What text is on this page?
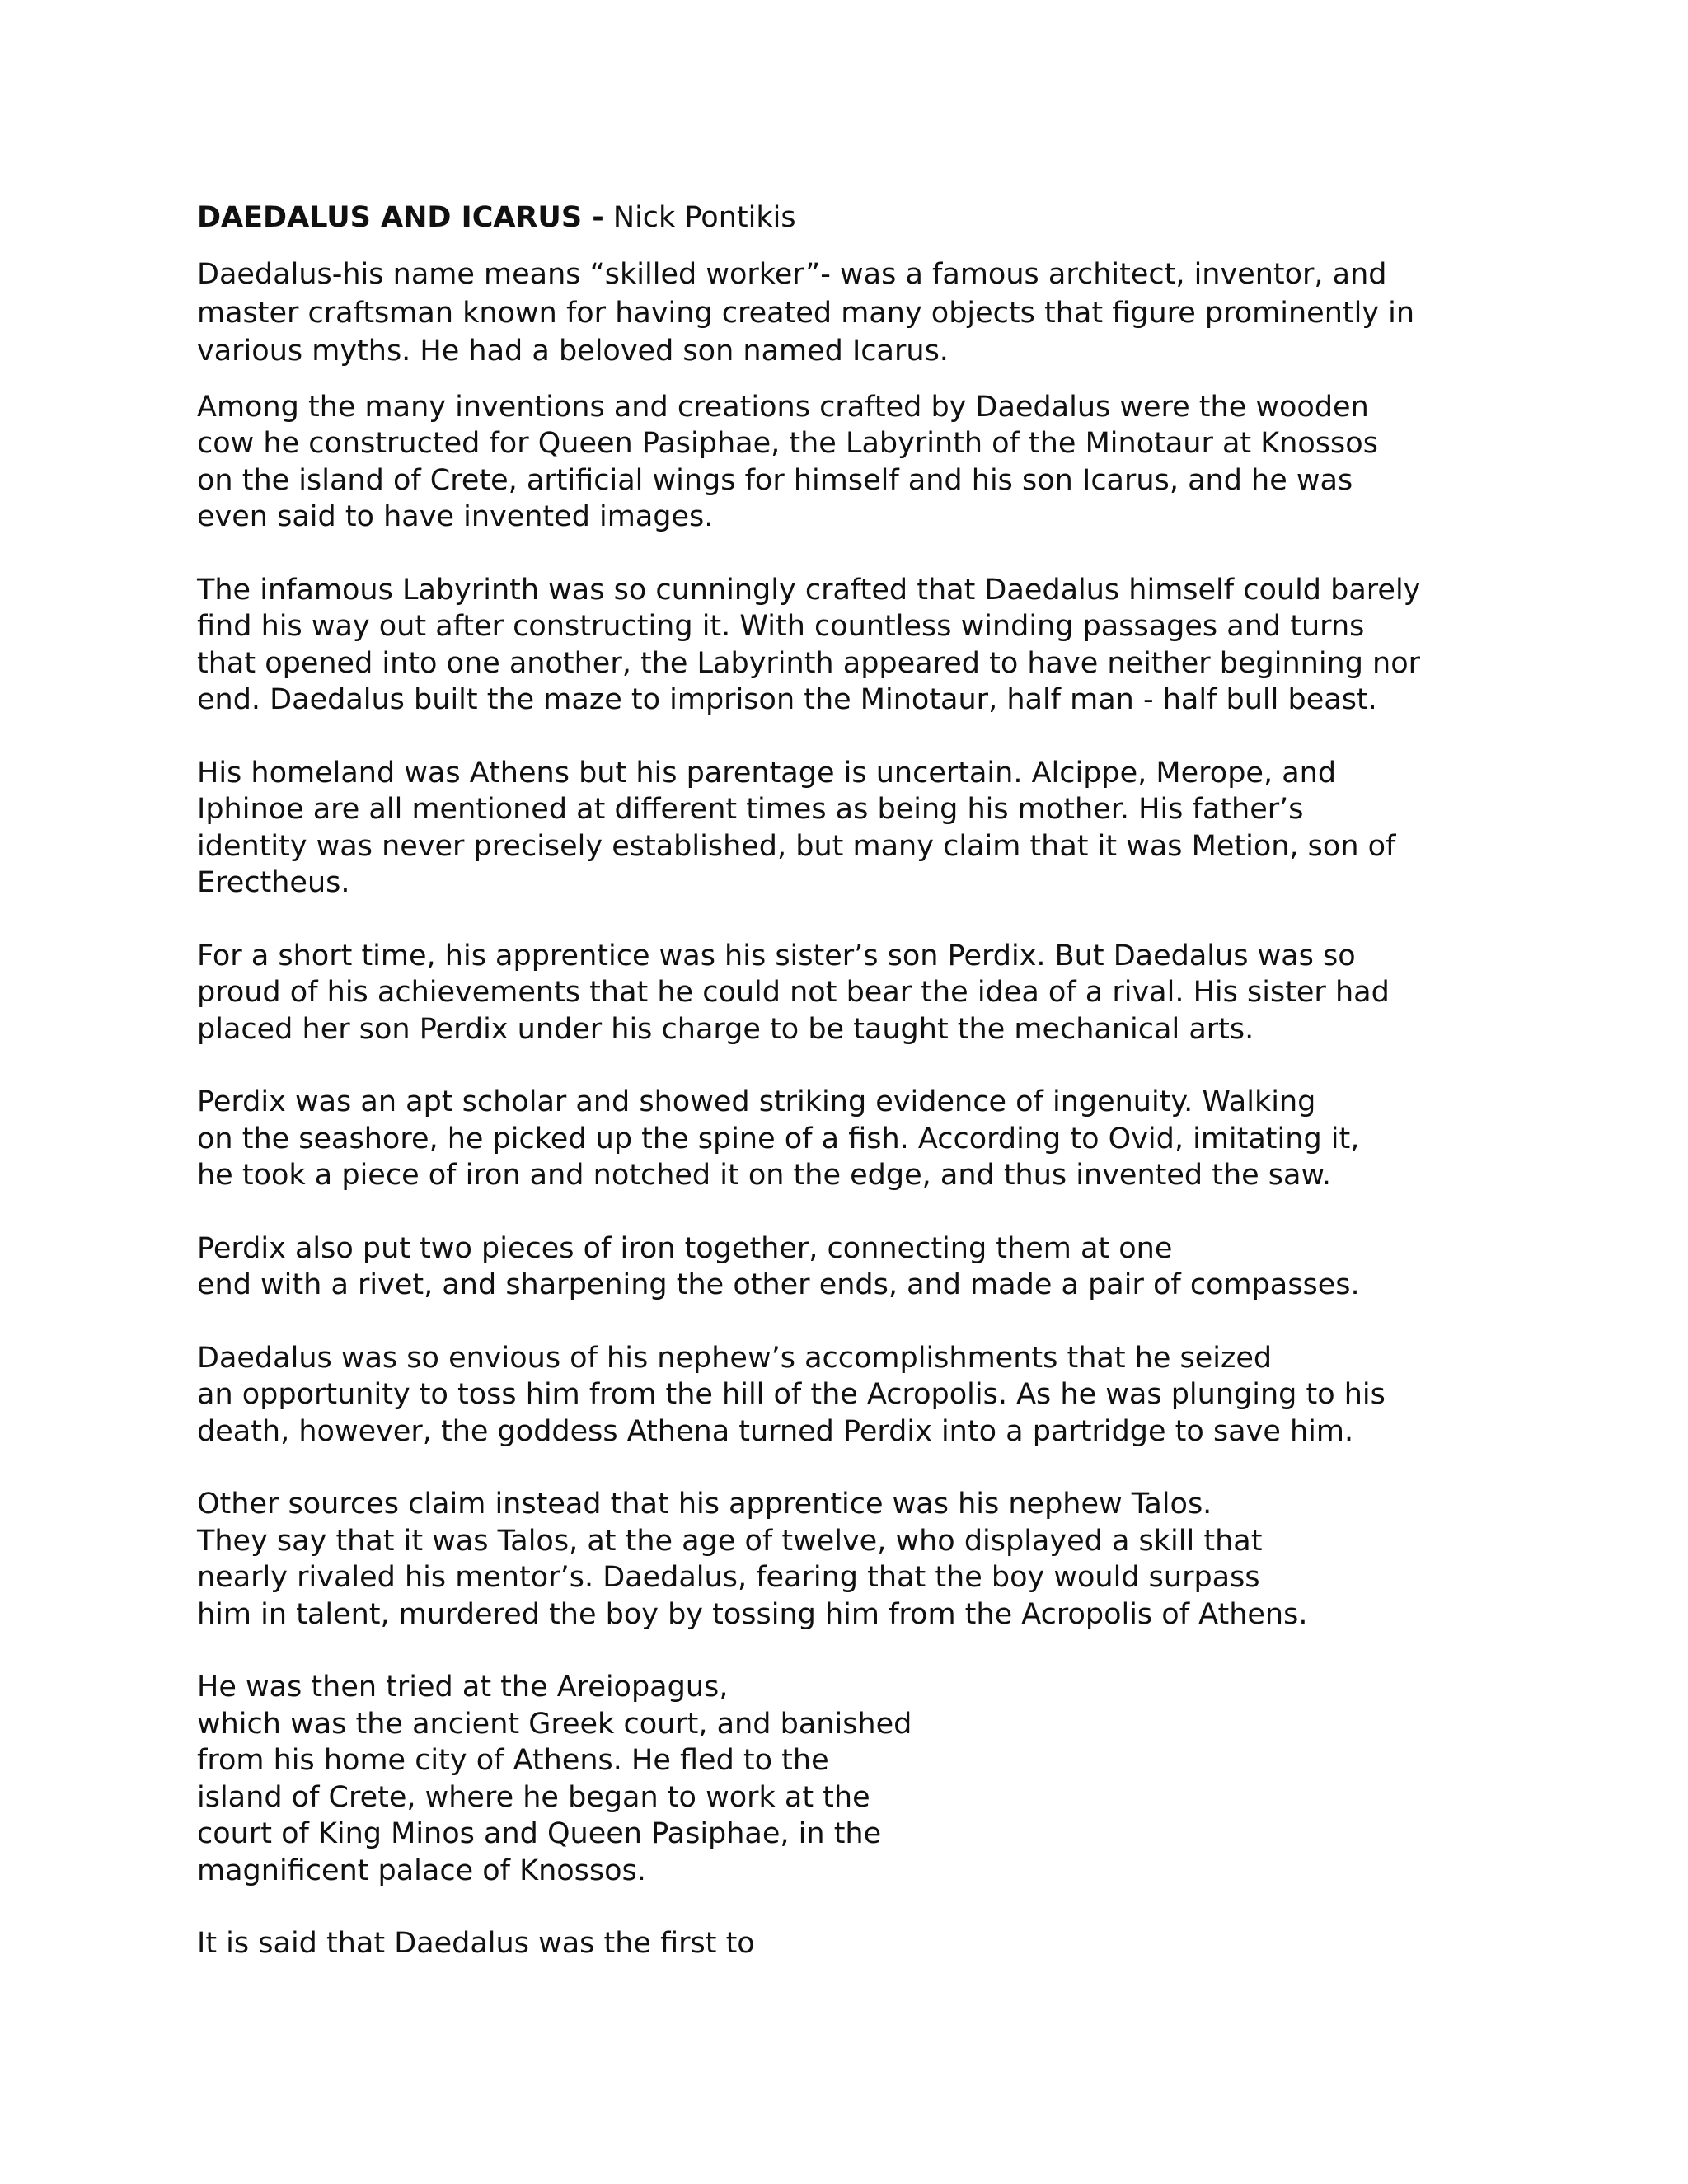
DAEDALUS AND ICARUS - Nick Pontikis

Daedalus-his name means “skilled worker”- was a famous architect, inventor, and
master craftsman known for having created many objects that figure prominently in
various myths. He had a beloved son named Icarus.

Among the many inventions and creations crafted by Daedalus were the wooden
cow he constructed for Queen Pasiphae, the Labyrinth of the Minotaur at Knossos
on the island of Crete, artificial wings for himself and his son Icarus, and he was
even said to have invented images.

The infamous Labyrinth was so cunningly crafted that Daedalus himself could barely
find his way out after constructing it. With countless winding passages and turns
that opened into one another, the Labyrinth appeared to have neither beginning nor
end. Daedalus built the maze to imprison the Minotaur, half man - half bull beast.

His homeland was Athens but his parentage is uncertain. Alcippe, Merope, and
Iphinoe are all mentioned at different times as being his mother. His father’s
identity was never precisely established, but many claim that it was Metion, son of
Erectheus.

For a short time, his apprentice was his sister’s son Perdix. But Daedalus was so
proud of his achievements that he could not bear the idea of a rival. His sister had
placed her son Perdix under his charge to be taught the mechanical arts.

Perdix was an apt scholar and showed striking evidence of ingenuity. Walking
on the seashore, he picked up the spine of a fish. According to Ovid, imitating it,
he took a piece of iron and notched it on the edge, and thus invented the saw.

Perdix also put two pieces of iron together, connecting them at one
end with a rivet, and sharpening the other ends, and made a pair of compasses.

Daedalus was so envious of his nephew’s accomplishments that he seized
an opportunity to toss him from the hill of the Acropolis. As he was plunging to his
death, however, the goddess Athena turned Perdix into a partridge to save him.

Other sources claim instead that his apprentice was his nephew Talos.
They say that it was Talos, at the age of twelve, who displayed a skill that
nearly rivaled his mentor’s. Daedalus, fearing that the boy would surpass
him in talent, murdered the boy by tossing him from the Acropolis of Athens.

He was then tried at the Areiopagus,
which was the ancient Greek court, and banished
from his home city of Athens. He fled to the
island of Crete, where he began to work at the
court of King Minos and Queen Pasiphae, in the
magnificent palace of Knossos.

It is said that Daedalus was the first to
